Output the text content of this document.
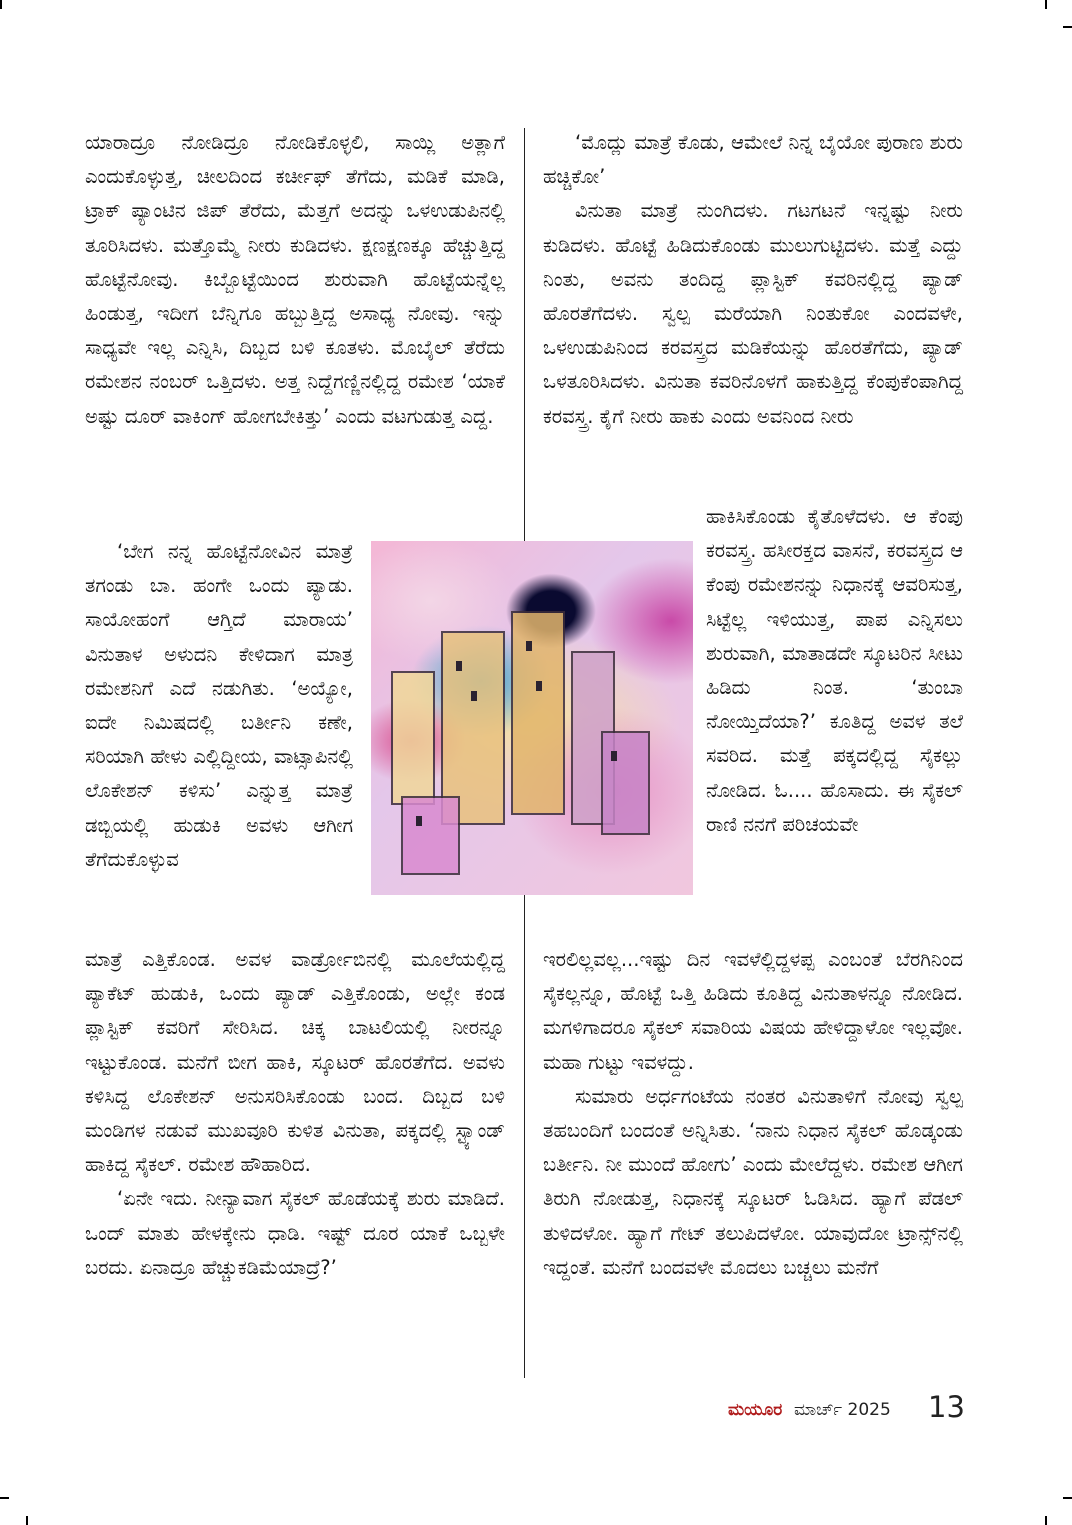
ಯಾರಾದ್ರೂ ನೋಡಿದ್ರೂ ನೋಡಿಕೊಳ್ಳಲಿ, ಸಾಯ್ಲಿ ಅತ್ಲಾಗೆ ಎಂದುಕೊಳ್ಳುತ್ತ, ಚೀಲದಿಂದ ಕರ್ಚೀಫ್ ತೆಗೆದು, ಮಡಿಕೆ ಮಾಡಿ, ಟ್ರಾಕ್ ಪ್ಯಾಂಟಿನ ಜಿಪ್ ತೆರೆದು, ಮೆತ್ತಗೆ ಅದನ್ನು ಒಳಉಡುಪಿನಲ್ಲಿ ತೂರಿಸಿದಳು. ಮತ್ತೊಮ್ಮೆ ನೀರು ಕುಡಿದಳು. ಕ್ಷಣಕ್ಷಣಕ್ಕೂ ಹೆಚ್ಚುತ್ತಿದ್ದ ಹೊಟ್ಟೆನೋವು. ಕಿಬ್ಬೊಟ್ಟೆಯಿಂದ ಶುರುವಾಗಿ ಹೊಟ್ಟೆಯನ್ನೆಲ್ಲ ಹಿಂಡುತ್ತ, ಇದೀಗ ಬೆನ್ನಿಗೂ ಹಬ್ಬುತ್ತಿದ್ದ ಅಸಾಧ್ಯ ನೋವು. ಇನ್ನು ಸಾಧ್ಯವೇ ಇಲ್ಲ ಎನ್ನಿಸಿ, ದಿಬ್ಬದ ಬಳಿ ಕೂತಳು. ಮೊಬೈಲ್ ತೆರೆದು ರಮೇಶನ ನಂಬರ್ ಒತ್ತಿದಳು. ಅತ್ತ ನಿದ್ದೆಗಣ್ಣಿನಲ್ಲಿದ್ದ ರಮೇಶ ‘ಯಾಕೆ ಅಷ್ಟು ದೂರ್ ವಾಕಿಂಗ್ ಹೋಗಬೇಕಿತ್ತು’ ಎಂದು ವಟಗುಡುತ್ತ ಎದ್ದ.

‘ಬೇಗ ನನ್ನ ಹೊಟ್ಟೆನೋವಿನ ಮಾತ್ರೆ ತಗಂಡು ಬಾ. ಹಂಗೇ ಒಂದು ಪ್ಯಾಡು. ಸಾಯೋಹಂಗೆ ಆಗ್ತಿದೆ ಮಾರಾಯ’ ವಿನುತಾಳ ಅಳುದನಿ ಕೇಳಿದಾಗ ಮಾತ್ರ ರಮೇಶನಿಗೆ ಎದೆ ನಡುಗಿತು. ‘ಅಯ್ಯೋ, ಐದೇ ನಿಮಿಷದಲ್ಲಿ ಬರ್ತೀನಿ ಕಣೇ, ಸರಿಯಾಗಿ ಹೇಳು ಎಲ್ಲಿದ್ದೀಯ, ವಾಟ್ಸಾಪಿನಲ್ಲಿ ಲೊಕೇಶನ್ ಕಳಿಸು’ ಎನ್ನುತ್ತ ಮಾತ್ರೆ ಡಬ್ಬಿಯಲ್ಲಿ ಹುಡುಕಿ ಅವಳು ಆಗೀಗ ತೆಗೆದುಕೊಳ್ಳುವ

ಮಾತ್ರೆ ಎತ್ತಿಕೊಂಡ. ಅವಳ ವಾರ್ಡ್ರೋಬಿನಲ್ಲಿ ಮೂಲೆಯಲ್ಲಿದ್ದ ಪ್ಯಾಕೆಟ್ ಹುಡುಕಿ, ಒಂದು ಪ್ಯಾಡ್ ಎತ್ತಿಕೊಂಡು, ಅಲ್ಲೇ ಕಂಡ ಪ್ಲಾಸ್ಟಿಕ್ ಕವರಿಗೆ ಸೇರಿಸಿದ. ಚಿಕ್ಕ ಬಾಟಲಿಯಲ್ಲಿ ನೀರನ್ನೂ ಇಟ್ಟುಕೊಂಡ. ಮನೆಗೆ ಬೀಗ ಹಾಕಿ, ಸ್ಕೂಟರ್ ಹೊರತೆಗೆದ. ಅವಳು ಕಳಿಸಿದ್ದ ಲೊಕೇಶನ್ ಅನುಸರಿಸಿಕೊಂಡು ಬಂದ. ದಿಬ್ಬದ ಬಳಿ ಮಂಡಿಗಳ ನಡುವೆ ಮುಖವೂರಿ ಕುಳಿತ ವಿನುತಾ, ಪಕ್ಕದಲ್ಲಿ ಸ್ಟ್ಯಾಂಡ್ ಹಾಕಿದ್ದ ಸೈಕಲ್. ರಮೇಶ ಹೌಹಾರಿದ.

‘ಏನೇ ಇದು. ನೀನ್ಯಾವಾಗ ಸೈಕಲ್ ಹೊಡೆಯಕ್ಕೆ ಶುರು ಮಾಡಿದೆ. ಒಂದ್ ಮಾತು ಹೇಳಕ್ಕೇನು ಧಾಡಿ. ಇಷ್ಟ್ ದೂರ ಯಾಕೆ ಒಬ್ಬಳೇ ಬರದು. ಏನಾದ್ರೂ ಹೆಚ್ಚುಕಡಿಮೆಯಾದ್ರೆ?’

‘ಮೊದ್ಲು ಮಾತ್ರೆ ಕೊಡು, ಆಮೇಲೆ ನಿನ್ನ ಬೈಯೋ ಪುರಾಣ ಶುರು ಹಚ್ಚಿಕೋ’

ವಿನುತಾ ಮಾತ್ರೆ ನುಂಗಿದಳು. ಗಟಗಟನೆ ಇನ್ನಷ್ಟು ನೀರು ಕುಡಿದಳು. ಹೊಟ್ಟೆ ಹಿಡಿದುಕೊಂಡು ಮುಲುಗುಟ್ಟಿದಳು. ಮತ್ತೆ ಎದ್ದು ನಿಂತು, ಅವನು ತಂದಿದ್ದ ಪ್ಲಾಸ್ಟಿಕ್ ಕವರಿನಲ್ಲಿದ್ದ ಪ್ಯಾಡ್ ಹೊರತೆಗೆದಳು. ಸ್ವಲ್ಪ ಮರೆಯಾಗಿ ನಿಂತುಕೋ ಎಂದವಳೇ, ಒಳಉಡುಪಿನಿಂದ ಕರವಸ್ತ್ರದ ಮಡಿಕೆಯನ್ನು ಹೊರತೆಗೆದು, ಪ್ಯಾಡ್ ಒಳತೂರಿಸಿದಳು. ವಿನುತಾ ಕವರಿನೊಳಗೆ ಹಾಕುತ್ತಿದ್ದ ಕೆಂಪುಕೆಂಪಾಗಿದ್ದ ಕರವಸ್ತ್ರ. ಕೈಗೆ ನೀರು ಹಾಕು ಎಂದು ಅವನಿಂದ ನೀರು

ಹಾಕಿಸಿಕೊಂಡು ಕೈತೊಳೆದಳು. ಆ ಕೆಂಪು ಕರವಸ್ತ್ರ. ಹಸೀರಕ್ತದ ವಾಸನೆ, ಕರವಸ್ತ್ರದ ಆ ಕೆಂಪು ರಮೇಶನನ್ನು ನಿಧಾನಕ್ಕೆ ಆವರಿಸುತ್ತ, ಸಿಟ್ಟೆಲ್ಲ ಇಳಿಯುತ್ತ, ಪಾಪ ಎನ್ನಿಸಲು ಶುರುವಾಗಿ, ಮಾತಾಡದೇ ಸ್ಕೂಟರಿನ ಸೀಟು ಹಿಡಿದು ನಿಂತ. ‘ತುಂಬಾ ನೋಯ್ತಿದೆಯಾ?’ ಕೂತಿದ್ದ ಅವಳ ತಲೆ ಸವರಿದ. ಮತ್ತೆ ಪಕ್ಕದಲ್ಲಿದ್ದ ಸೈಕಲ್ಲು ನೋಡಿದ. ಓ.... ಹೊಸಾದು. ಈ ಸೈಕಲ್ ರಾಣಿ ನನಗೆ ಪರಿಚಯವೇ

ಇರಲಿಲ್ಲವಲ್ಲ...ಇಷ್ಟು ದಿನ ಇವಳೆಲ್ಲಿದ್ದಳಪ್ಪ ಎಂಬಂತೆ ಬೆರಗಿನಿಂದ ಸೈಕಲ್ಲನ್ನೂ, ಹೊಟ್ಟೆ ಒತ್ತಿ ಹಿಡಿದು ಕೂತಿದ್ದ ವಿನುತಾಳನ್ನೂ ನೋಡಿದ. ಮಗಳಿಗಾದರೂ ಸೈಕಲ್ ಸವಾರಿಯ ವಿಷಯ ಹೇಳಿದ್ದಾಳೋ ಇಲ್ಲವೋ. ಮಹಾ ಗುಟ್ಟು ಇವಳದ್ದು.

ಸುಮಾರು ಅರ್ಧಗಂಟೆಯ ನಂತರ ವಿನುತಾಳಿಗೆ ನೋವು ಸ್ವಲ್ಪ ತಹಬಂದಿಗೆ ಬಂದಂತೆ ಅನ್ನಿಸಿತು. ‘ನಾನು ನಿಧಾನ ಸೈಕಲ್ ಹೊಡ್ಕಂಡು ಬರ್ತೀನಿ. ನೀ ಮುಂದೆ ಹೋಗು’ ಎಂದು ಮೇಲೆದ್ದಳು. ರಮೇಶ ಆಗೀಗ ತಿರುಗಿ ನೋಡುತ್ತ, ನಿಧಾನಕ್ಕೆ ಸ್ಕೂಟರ್ ಓಡಿಸಿದ. ಹ್ಯಾಗೆ ಪೆಡಲ್ ತುಳಿದಳೋ. ಹ್ಯಾಗೆ ಗೇಟ್ ತಲುಪಿದಳೋ. ಯಾವುದೋ ಟ್ರಾನ್ಸ್‌ನಲ್ಲಿ ಇದ್ದಂತೆ. ಮನೆಗೆ ಬಂದವಳೇ ಮೊದಲು ಬಚ್ಚಲು ಮನೆಗೆ

ಮಯೂರ ಮಾರ್ಚ್ 2025 13
